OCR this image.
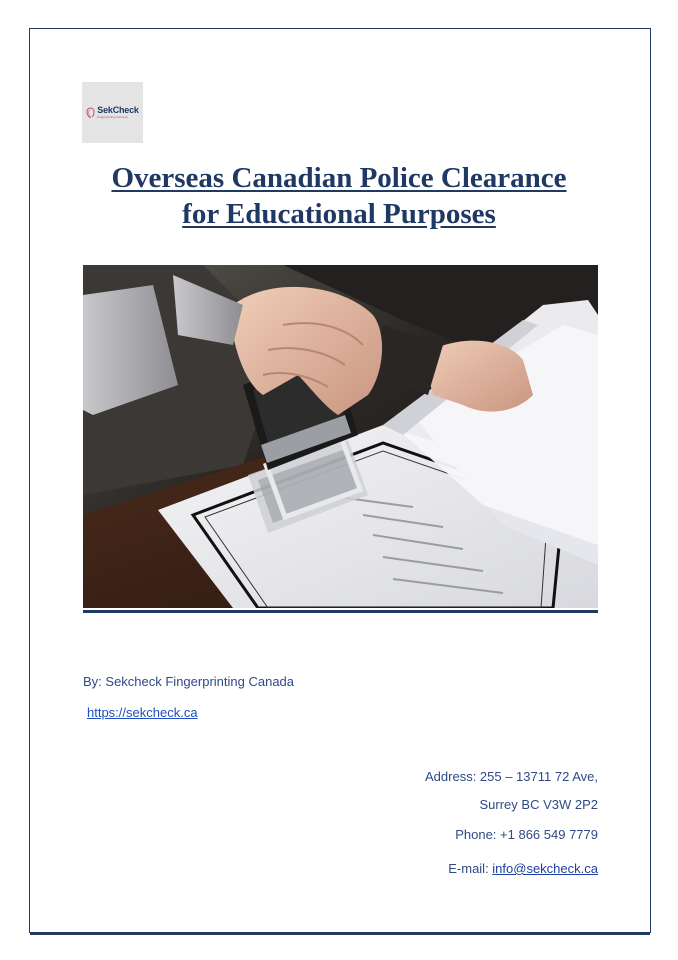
SekCheck
Fingerprinting Services
Overseas Canadian Police Clearance
for Educational Purposes
By: Sekcheck Fingerprinting Canada
https://sekcheck.ca
Address: 255 – 13711 72 Ave,
Surrey BC V3W 2P2
Phone: +1 866 549 7779
E-mail: info@sekcheck.ca
